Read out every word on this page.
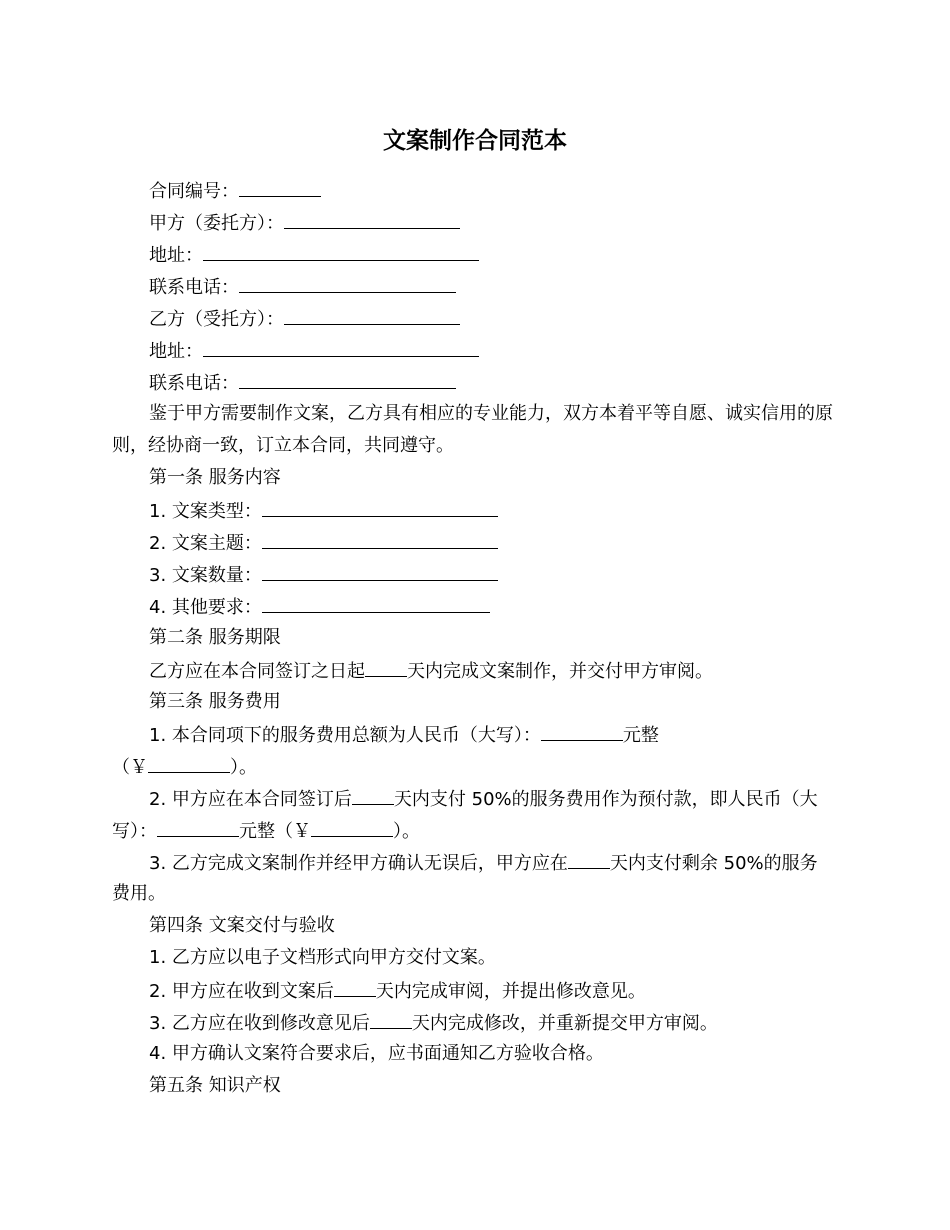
文案制作合同范本
合同编号：
甲方（委托方）：
地址：
联系电话：
乙方（受托方）：
地址：
联系电话：
鉴于甲方需要制作文案，乙方具有相应的专业能力，双方本着平等自愿、诚实信用的原则，经协商一致，订立本合同，共同遵守。
第一条 服务内容
1. 文案类型：
2. 文案主题：
3. 文案数量：
4. 其他要求：
第二条 服务期限
乙方应在本合同签订之日起 天内完成文案制作，并交付甲方审阅。
第三条 服务费用
1. 本合同项下的服务费用总额为人民币（大写）：	元整
（￥	）。
2. 甲方应在本合同签订后 天内支付 50%的服务费用作为预付款，即人民币（大
写）：	元整（￥	）。
3. 乙方完成文案制作并经甲方确认无误后，甲方应在 天内支付剩余 50%的服务
费用。
第四条 文案交付与验收
1. 乙方应以电子文档形式向甲方交付文案。
2. 甲方应在收到文案后 天内完成审阅，并提出修改意见。
3. 乙方应在收到修改意见后 天内完成修改，并重新提交甲方审阅。
4. 甲方确认文案符合要求后，应书面通知乙方验收合格。
第五条 知识产权
